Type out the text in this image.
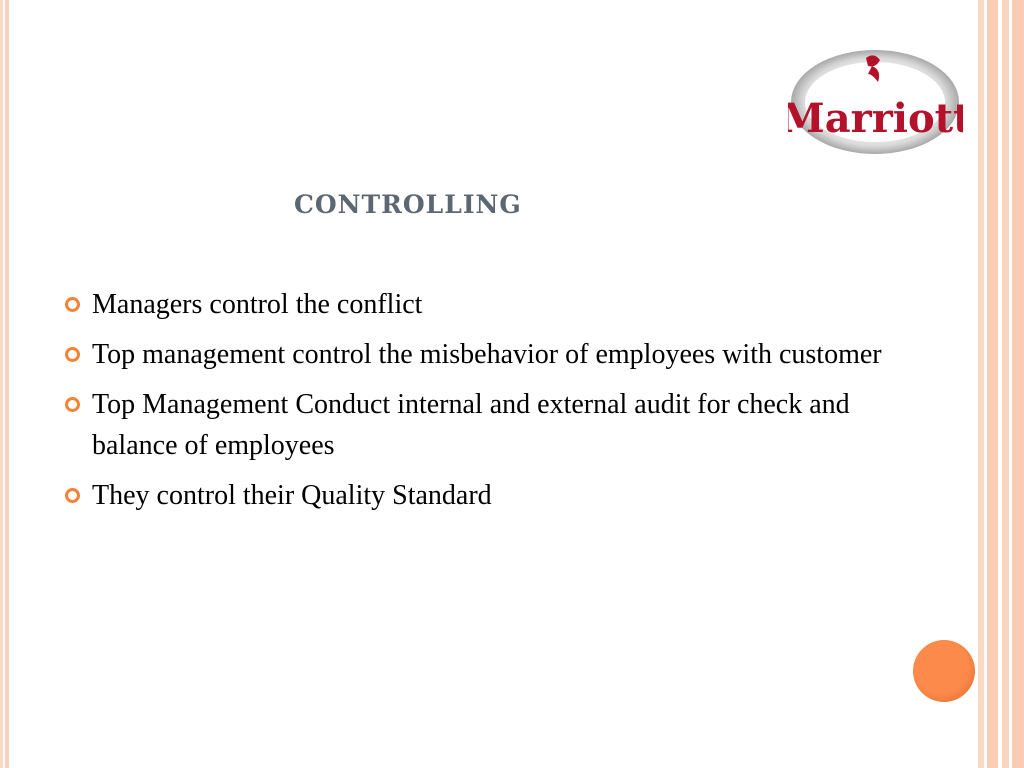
Marriott
controlling
Managers control the conflict
Top management control the misbehavior of employees with customer
Top Management Conduct internal and external audit for check and balance of employees
They control their Quality Standard
